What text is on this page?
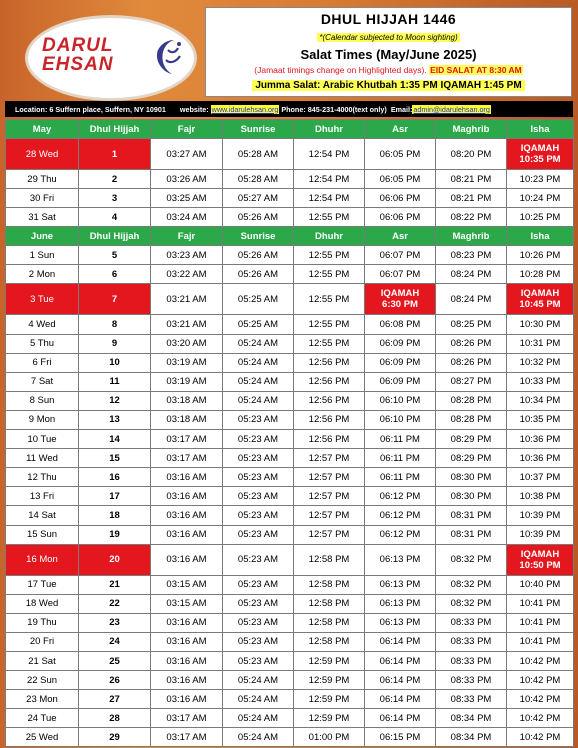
DARUL
EHSAN
DHUL HIJJAH 1446
*(Calendar subjected to Moon sighting)
Salat Times (May/June 2025)
(Jamaat timings change on Highlighted days). EID SALAT AT 8:30 AM
Jumma Salat: Arabic Khutbah 1:35 PM IQAMAH 1:45 PM
Location: 6 Suffern place, Suffern, NY 10901 website:
www.idarulehsan.org
Phone: 845-231-4000(text only)
Email: admin@idarulehsan.org
May	Dhul Hijjah	Fajr	Sunrise	Dhuhr	Asr	Maghrib	Isha
28 Wed	1	03:27 AM	05:28 AM	12:54 PM	06:05 PM	08:20 PM	IQAMAH
10:35 PM

29 Thu	2	03:26 AM	05:28 AM	12:54 PM	06:05 PM	08:21 PM	10:23 PM
30 Fri	3	03:25 AM	05:27 AM	12:54 PM	06:06 PM	08:21 PM	10:24 PM
31 Sat	4	03:24 AM	05:26 AM	12:55 PM	06:06 PM	08:22 PM	10:25 PM
June	Dhul Hijjah	Fajr	Sunrise	Dhuhr	Asr	Maghrib	Isha
1 Sun	5	03:23 AM	05:26 AM	12:55 PM	06:07 PM	08:23 PM	10:26 PM
2 Mon	6	03:22 AM	05:26 AM	12:55 PM	06:07 PM	08:24 PM	10:28 PM
3 Tue	7	03:21 AM	05:25 AM	12:55 PM	IQAMAH
6:30 PM	08:24 PM	IQAMAH
10:45 PM

4 Wed	8	03:21 AM	05:25 AM	12:55 PM	06:08 PM	08:25 PM	10:30 PM
5 Thu	9	03:20 AM	05:24 AM	12:55 PM	06:09 PM	08:26 PM	10:31 PM
6 Fri	10	03:19 AM	05:24 AM	12:56 PM	06:09 PM	08:26 PM	10:32 PM
7 Sat	11	03:19 AM	05:24 AM	12:56 PM	06:09 PM	08:27 PM	10:33 PM
8 Sun	12	03:18 AM	05:24 AM	12:56 PM	06:10 PM	08:28 PM	10:34 PM
9 Mon	13	03:18 AM	05:23 AM	12:56 PM	06:10 PM	08:28 PM	10:35 PM
10 Tue	14	03:17 AM	05:23 AM	12:56 PM	06:11 PM	08:29 PM	10:36 PM
11 Wed	15	03:17 AM	05:23 AM	12:57 PM	06:11 PM	08:29 PM	10:36 PM
12 Thu	16	03:16 AM	05:23 AM	12:57 PM	06:11 PM	08:30 PM	10:37 PM
13 Fri	17	03:16 AM	05:23 AM	12:57 PM	06:12 PM	08:30 PM	10:38 PM
14 Sat	18	03:16 AM	05:23 AM	12:57 PM	06:12 PM	08:31 PM	10:39 PM
15 Sun	19	03:16 AM	05:23 AM	12:57 PM	06:12 PM	08:31 PM	10:39 PM
16 Mon	20	03:16 AM	05:23 AM	12:58 PM	06:13 PM	08:32 PM	IQAMAH
10:50 PM

17 Tue	21	03:15 AM	05:23 AM	12:58 PM	06:13 PM	08:32 PM	10:40 PM
18 Wed	22	03:15 AM	05:23 AM	12:58 PM	06:13 PM	08:32 PM	10:41 PM
19 Thu	23	03:16 AM	05:23 AM	12:58 PM	06:13 PM	08:33 PM	10:41 PM
20 Fri	24	03:16 AM	05:23 AM	12:58 PM	06:14 PM	08:33 PM	10:41 PM
21 Sat	25	03:16 AM	05:23 AM	12:59 PM	06:14 PM	08:33 PM	10:42 PM
22 Sun	26	03:16 AM	05:24 AM	12:59 PM	06:14 PM	08:33 PM	10:42 PM
23 Mon	27	03:16 AM	05:24 AM	12:59 PM	06:14 PM	08:33 PM	10:42 PM
24 Tue	28	03:17 AM	05:24 AM	12:59 PM	06:14 PM	08:34 PM	10:42 PM
25 Wed	29	03:17 AM	05:24 AM	01:00 PM	06:15 PM	08:34 PM	10:42 PM
